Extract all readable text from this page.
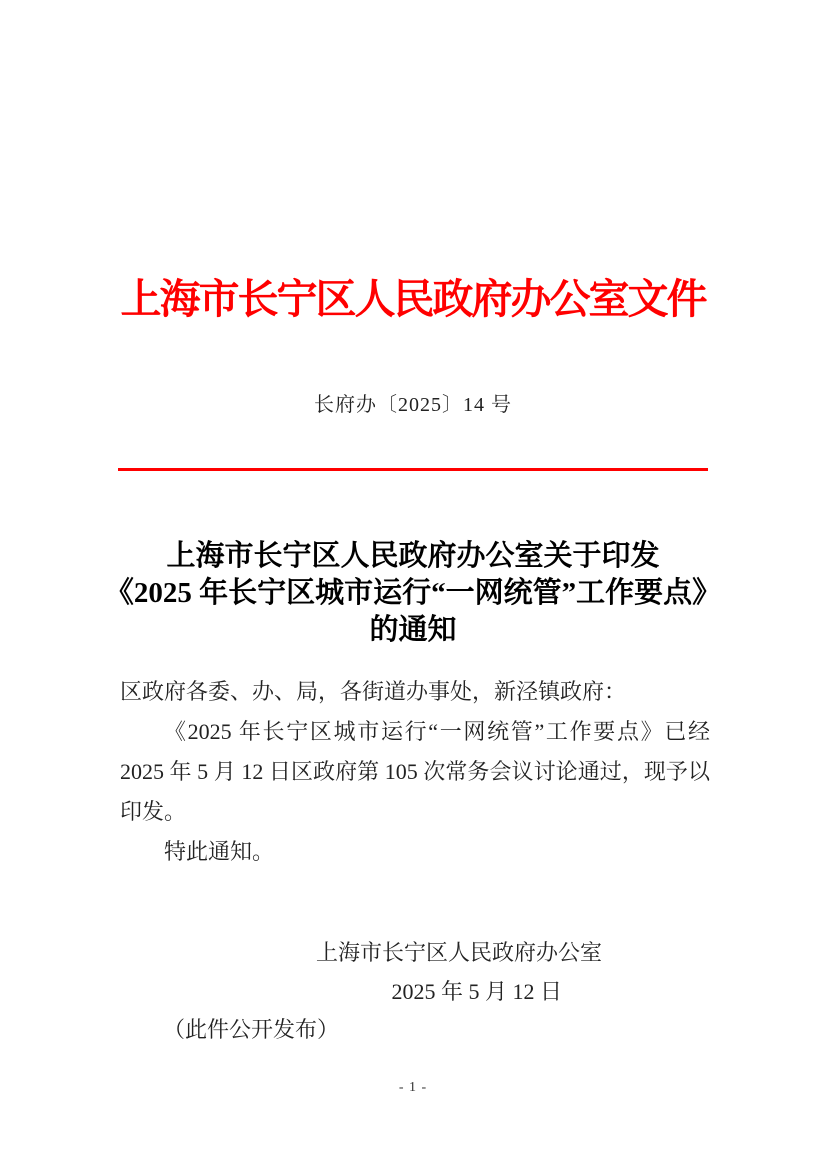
上海市长宁区人民政府办公室文件
长府办〔2025〕14 号
上海市长宁区人民政府办公室关于印发
《2025 年长宁区城市运行“一网统管”工作要点》
的通知

区政府各委、办、局，各街道办事处，新泾镇政府：

《2025 年长宁区城市运行“一网统管”工作要点》已经 2025 年 5 月 12 日区政府第 105 次常务会议讨论通过，现予以印发。

特此通知。

上海市长宁区人民政府办公室
2025 年 5 月 12 日
（此件公开发布）
- 1 -
